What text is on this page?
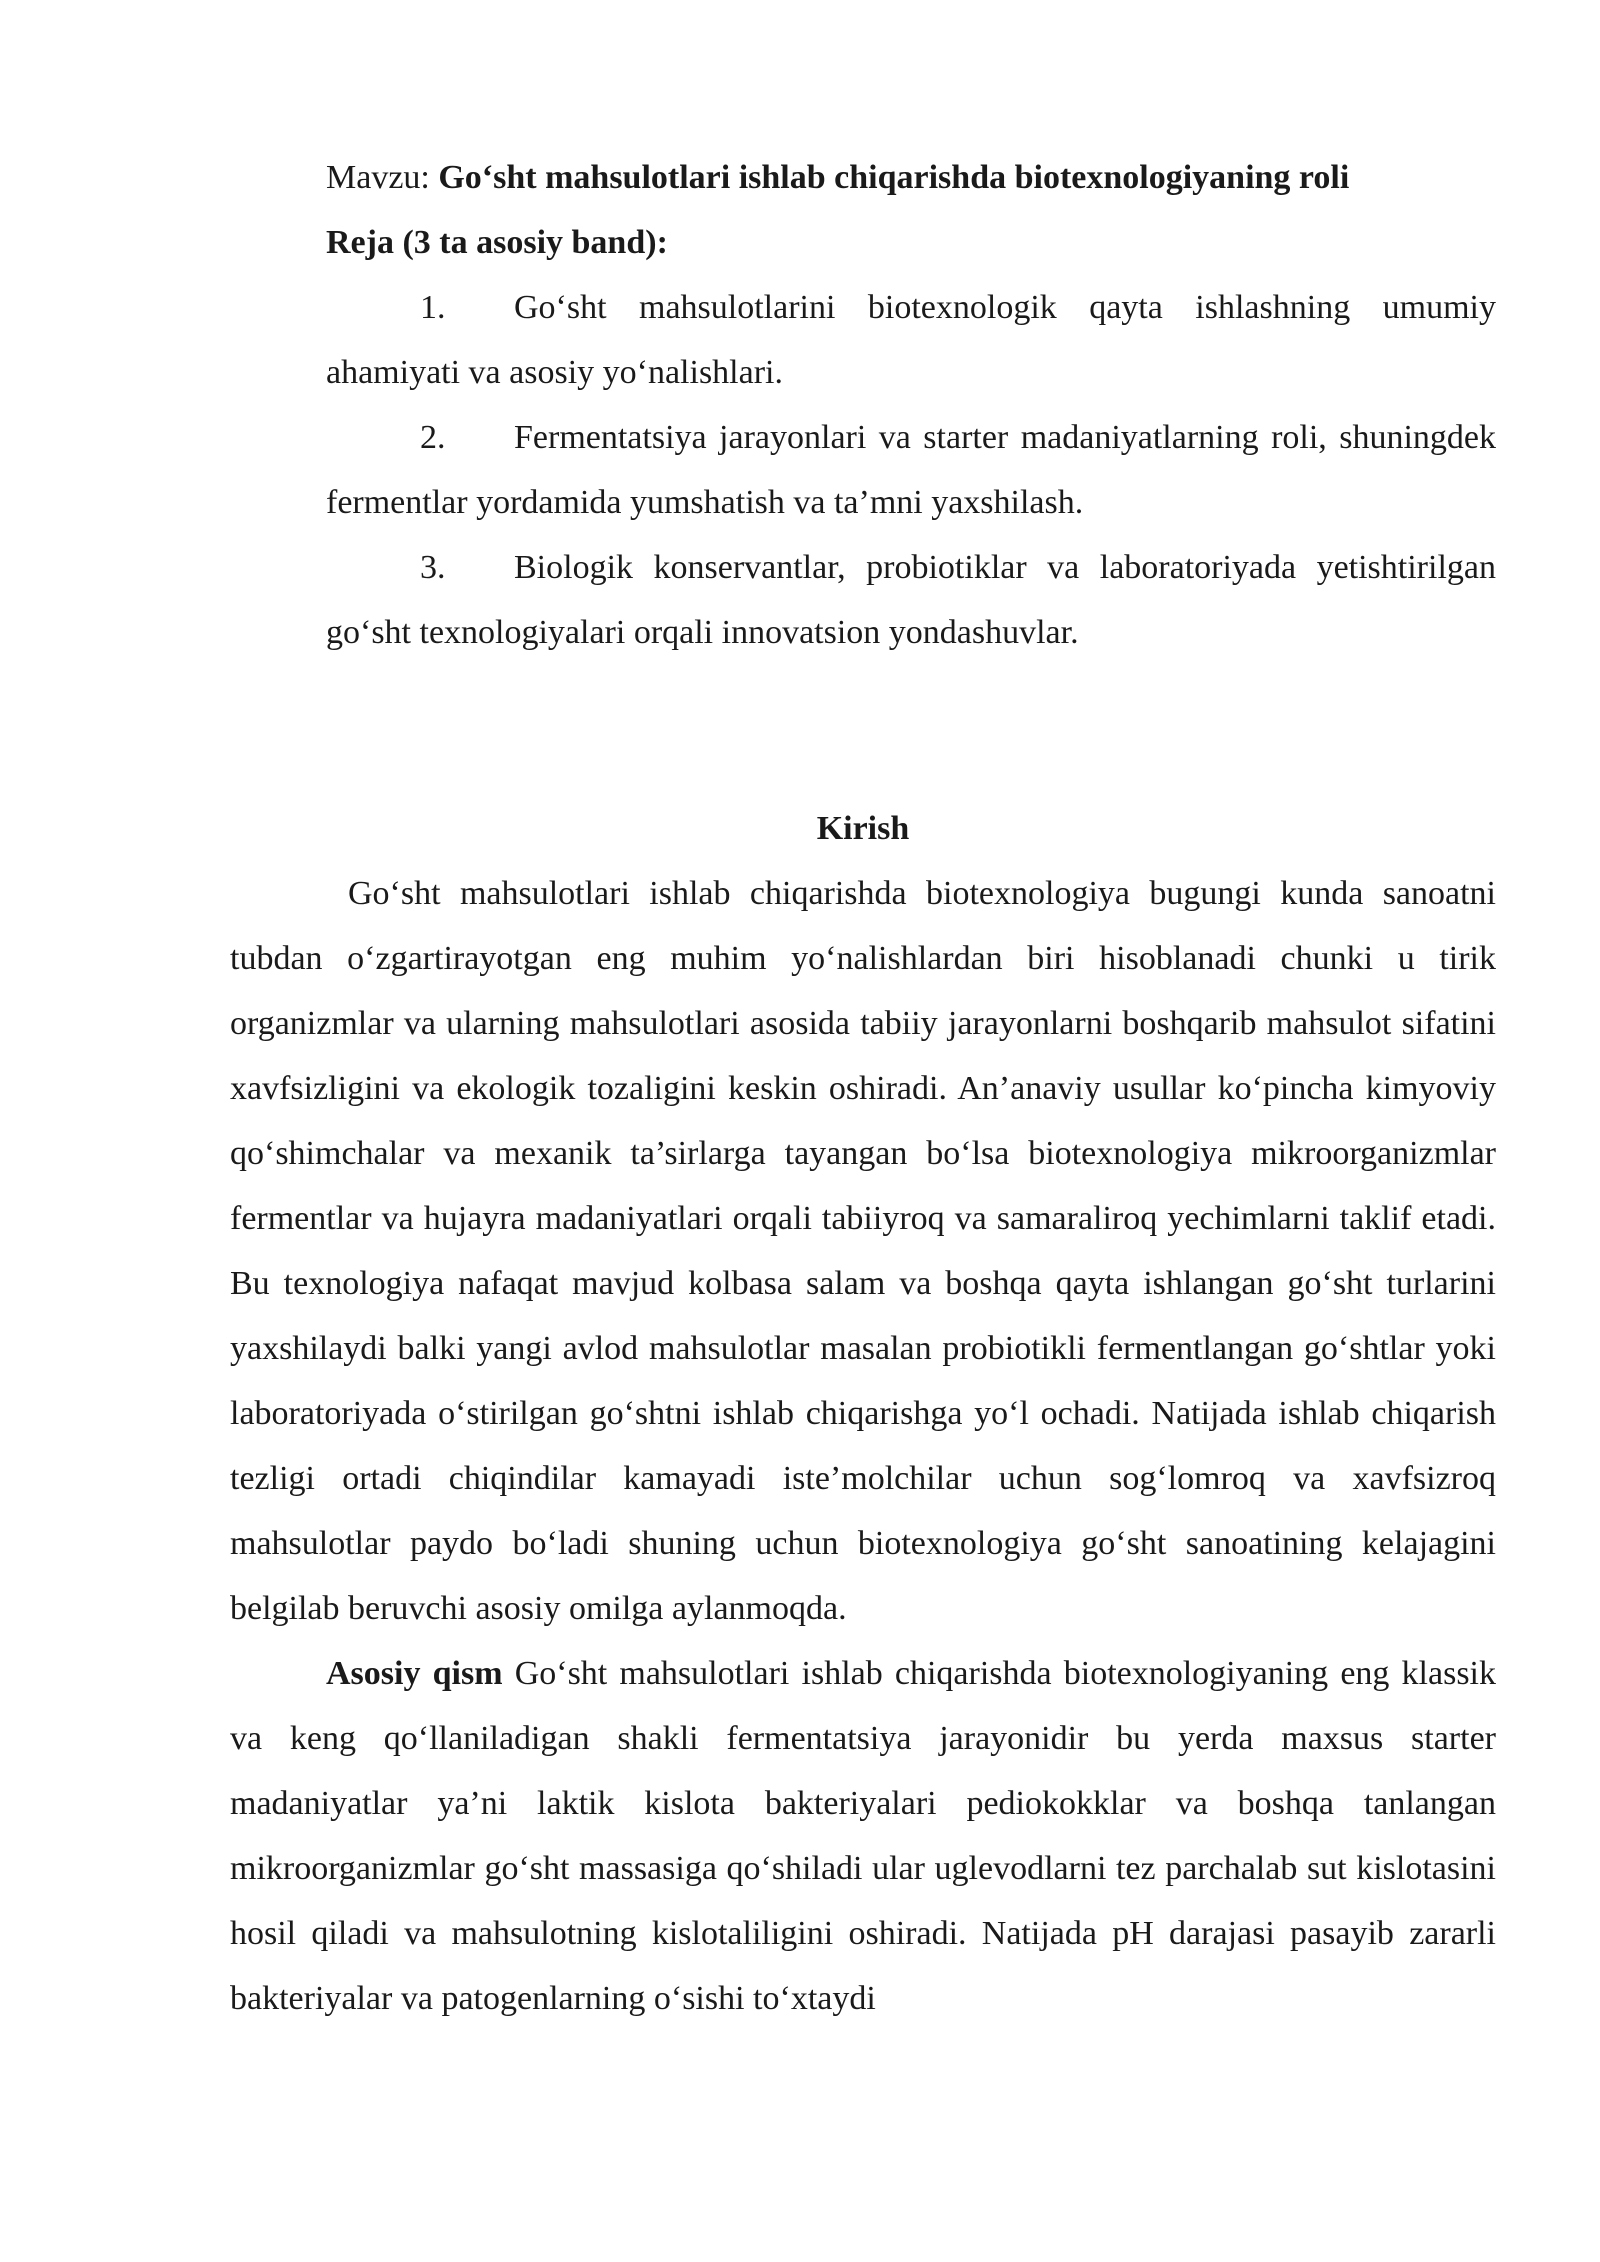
Mavzu: Go‘sht mahsulotlari ishlab chiqarishda biotexnologiyaning roli
Reja (3 ta asosiy band):

1. Go‘sht mahsulotlarini biotexnologik qayta ishlashning umumiy ahamiyati va asosiy yo‘nalishlari.

2. Fermentatsiya jarayonlari va starter madaniyatlarning roli, shuningdek fermentlar yordamida yumshatish va ta’mni yaxshilash.

3. Biologik konservantlar, probiotiklar va laboratoriyada yetishtirilgan go‘sht texnologiyalari orqali innovatsion yondashuvlar.

Kirish

Go‘sht mahsulotlari ishlab chiqarishda biotexnologiya bugungi kunda sanoatni tubdan o‘zgartirayotgan eng muhim yo‘nalishlardan biri hisoblanadi chunki u tirik organizmlar va ularning mahsulotlari asosida tabiiy jarayonlarni boshqarib mahsulot sifatini xavfsizligini va ekologik tozaligini keskin oshiradi. An’anaviy usullar ko‘pincha kimyoviy qo‘shimchalar va mexanik ta’sirlarga tayangan bo‘lsa biotexnologiya mikroorganizmlar fermentlar va hujayra madaniyatlari orqali tabiiyroq va samaraliroq yechimlarni taklif etadi. Bu texnologiya nafaqat mavjud kolbasa salam va boshqa qayta ishlangan go‘sht turlarini yaxshilaydi balki yangi avlod mahsulotlar masalan probiotikli fermentlangan go‘shtlar yoki laboratoriyada o‘stirilgan go‘shtni ishlab chiqarishga yo‘l ochadi. Natijada ishlab chiqarish tezligi ortadi chiqindilar kamayadi iste’molchilar uchun sog‘lomroq va xavfsizroq mahsulotlar paydo bo‘ladi shuning uchun biotexnologiya go‘sht sanoatining kelajagini belgilab beruvchi asosiy omilga aylanmoqda.

Asosiy qism Go‘sht mahsulotlari ishlab chiqarishda biotexnologiyaning eng klassik va keng qo‘llaniladigan shakli fermentatsiya jarayonidir bu yerda maxsus starter madaniyatlar ya’ni laktik kislota bakteriyalari pediokokklar va boshqa tanlangan mikroorganizmlar go‘sht massasiga qo‘shiladi ular uglevodlarni tez parchalab sut kislotasini hosil qiladi va mahsulotning kislotaliligini oshiradi. Natijada pH darajasi pasayib zararli bakteriyalar va patogenlarning o‘sishi to‘xtaydi
